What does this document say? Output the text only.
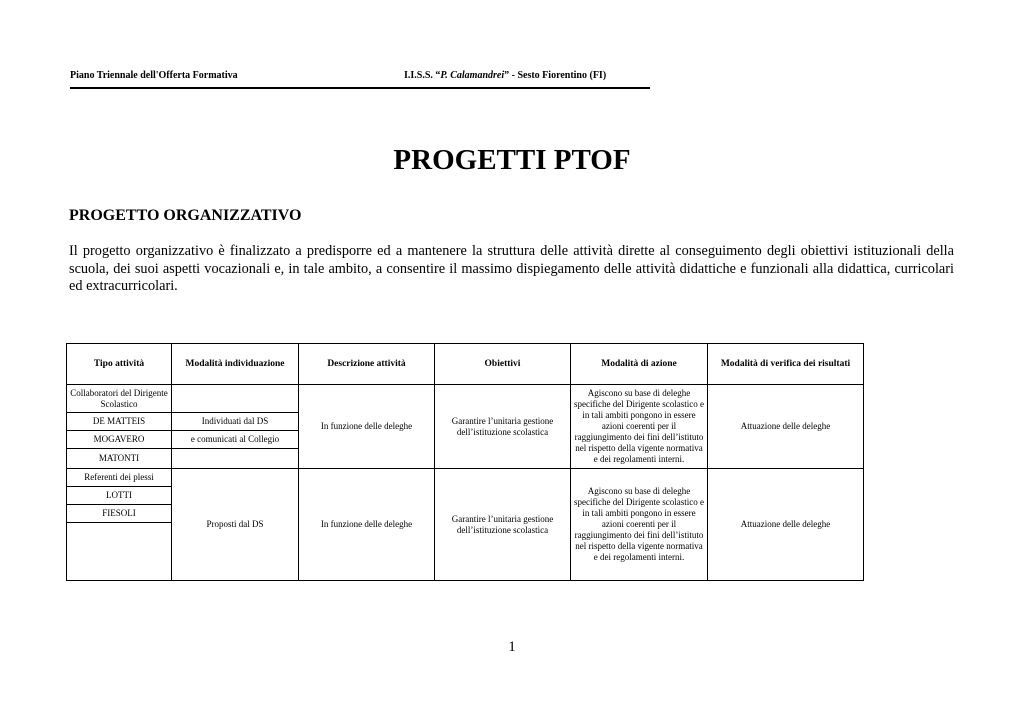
Piano Triennale dell'Offerta Formativa	I.I.S.S. “P. Calamandrei” - Sesto Fiorentino (FI)
PROGETTI PTOF
PROGETTO ORGANIZZATIVO
Il progetto organizzativo è finalizzato a predisporre ed a mantenere la struttura delle attività dirette al conseguimento degli obiettivi istituzionali della scuola, dei suoi aspetti vocazionali e, in tale ambito, a consentire il massimo dispiegamento delle attività didattiche e funzionali alla didattica, curricolari ed extracurricolari.
Tipo attività	Modalità individuazione	Descrizione attività	Obiettivi	Modalità di azione	Modalità di verifica dei risultati
Collaboratori del Dirigente Scolastico		In funzione delle deleghe	Garantire l’unitaria gestione dell’istituzione scolastica	Agiscono su base di deleghe specifiche del Dirigente scolastico e in tali ambiti pongono in essere azioni coerenti per il raggiungimento dei fini dell’istituto nel rispetto della vigente normativa e dei regolamenti interni.	Attuazione delle deleghe
DE MATTEIS	Individuati dal DS				
MOGAVERO	e comunicati al Collegio				
MATONTI					
Referenti dei plessi	Proposti dal DS	In funzione delle deleghe	Garantire l’unitaria gestione dell’istituzione scolastica	Agiscono su base di deleghe specifiche del Dirigente scolastico e in tali ambiti pongono in essere azioni coerenti per il raggiungimento dei fini dell’istituto nel rispetto della vigente normativa e dei regolamenti interni.	Attuazione delle deleghe
LOTTI					
FIESOLI					

1
